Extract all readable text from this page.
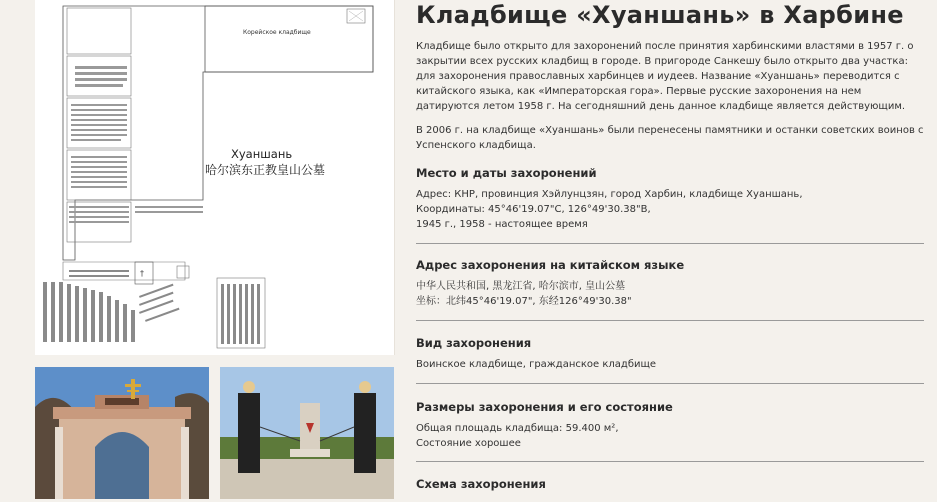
†
Корейское кладбище
Хуаншань
哈尔滨东正教皇山公墓
Кладбище «Хуаншань» в Харбине
Кладбище было открыто для захоронений после принятия харбинскими властями в 1957 г. о закрытии всех русских кладбищ в городе. В пригороде Санкешу было открыто два участка: для захоронения православных харбинцев и иудеев. Название «Хуаншань» переводится с китайского языка, как «Императорская гора». Первые русские захоронения на нем датируются летом 1958 г. На сегодняшний день данное кладбище является действующим.
В 2006 г. на кладбище «Хуаншань» были перенесены памятники и останки советских воинов с Успенского кладбища.
Место и даты захоронений
Адрес: КНР, провинция Хэйлунцзян, город Харбин, кладбище Хуаншань,
Координаты: 45°46'19.07"С, 126°49'30.38"В,
1945 г., 1958 - настоящее время
Адрес захоронения на китайском языке
中华人民共和国, 黑龙江省, 哈尔滨市, 皇山公墓
坐标：北纬45°46'19.07", 东经126°49'30.38"
Вид захоронения
Воинское кладбище, гражданское кладбище
Размеры захоронения и его состояние
Общая площадь кладбища: 59.400 м²,
Состояние хорошее
Схема захоронения
